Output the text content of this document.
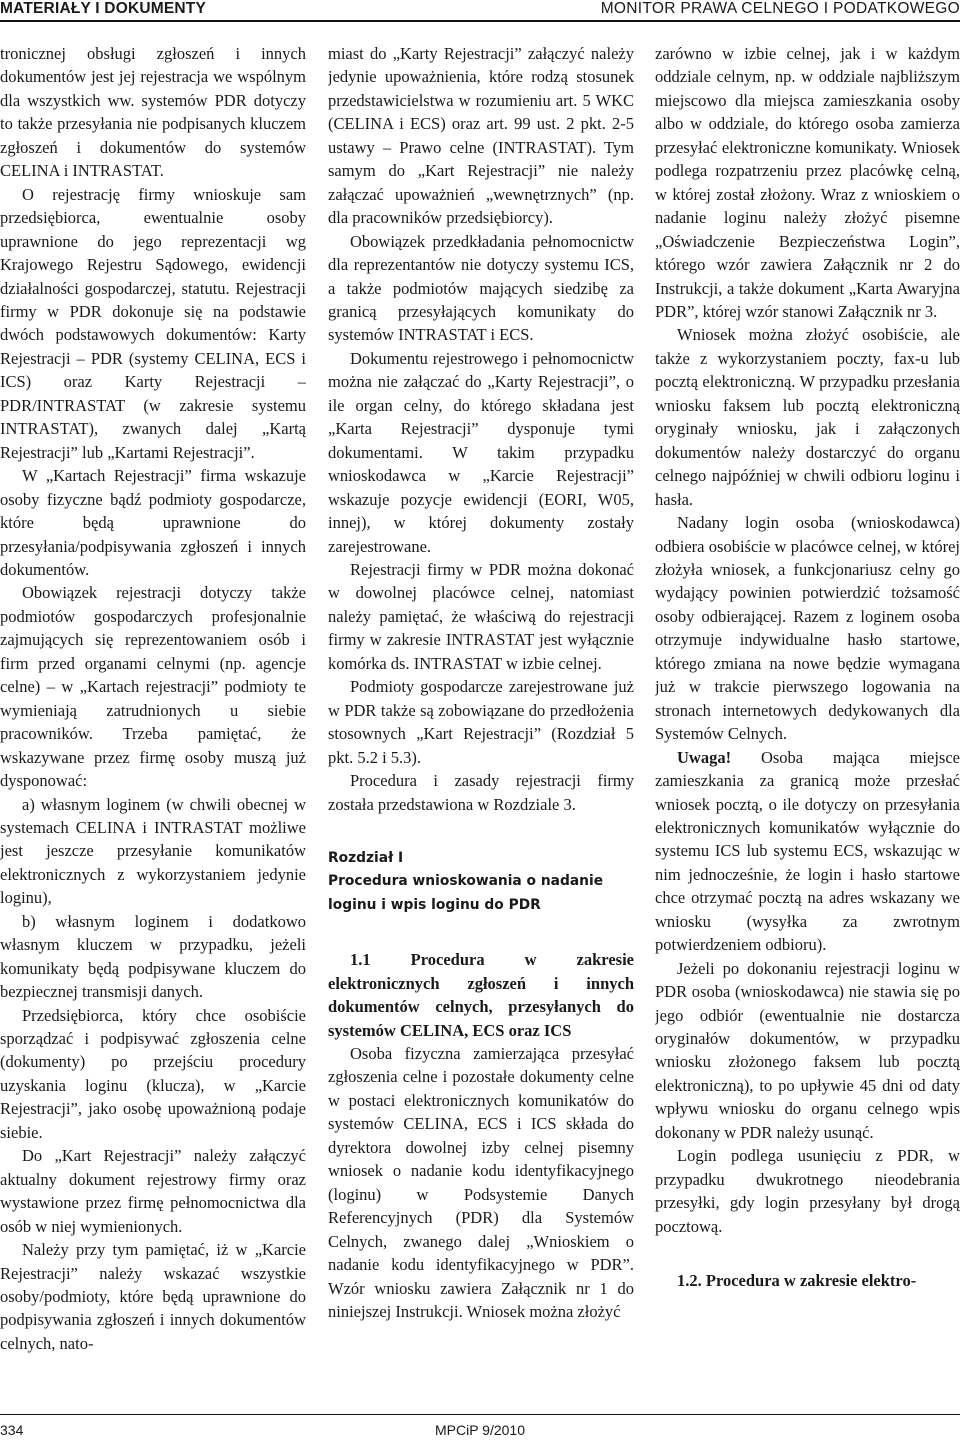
MATERIAŁY I DOKUMENTY	MONITOR PRAWA CELNEGO I PODATKOWEGO

tronicznej obsługi zgłoszeń i innych dokumentów jest jej rejestracja we wspólnym dla wszystkich ww. systemów PDR dotyczy to także przesyłania nie podpisanych kluczem zgłoszeń i dokumentów do systemów CELINA i INTRASTAT.

O rejestrację firmy wnioskuje sam przedsiębiorca, ewentualnie osoby uprawnione do jego reprezentacji wg Krajowego Rejestru Sądowego, ewidencji działalności gospodarczej, statutu. Rejestracji firmy w PDR dokonuje się na podstawie dwóch podstawowych dokumentów: Karty Rejestracji – PDR (systemy CELINA, ECS i ICS) oraz Karty Rejestracji – PDR/INTRASTAT (w zakresie systemu INTRASTAT), zwanych dalej „Kartą Rejestracji” lub „Kartami Rejestracji”.

W „Kartach Rejestracji” firma wskazuje osoby fizyczne bądź podmioty gospodarcze, które będą uprawnione do przesyłania/podpisywania zgłoszeń i innych dokumentów.

Obowiązek rejestracji dotyczy także podmiotów gospodarczych profesjonalnie zajmujących się reprezentowaniem osób i firm przed organami celnymi (np. agencje celne) – w „Kartach rejestracji” podmioty te wymieniają zatrudnionych u siebie pracowników. Trzeba pamiętać, że wskazywane przez firmę osoby muszą już dysponować:

a) własnym loginem (w chwili obecnej w systemach CELINA i INTRASTAT możliwe jest jeszcze przesyłanie komunikatów elektronicznych z wykorzystaniem jedynie loginu),

b) własnym loginem i dodatkowo własnym kluczem w przypadku, jeżeli komunikaty będą podpisywane kluczem do bezpiecznej transmisji danych.

Przedsiębiorca, który chce osobiście sporządzać i podpisywać zgłoszenia celne (dokumenty) po przejściu procedury uzyskania loginu (klucza), w „Karcie Rejestracji”, jako osobę upoważnioną podaje siebie.

Do „Kart Rejestracji” należy załączyć aktualny dokument rejestrowy firmy oraz wystawione przez firmę pełnomocnictwa dla osób w niej wymienionych.

Należy przy tym pamiętać, iż w „Karcie Rejestracji” należy wskazać wszystkie osoby/podmioty, które będą uprawnione do podpisywania zgłoszeń i innych dokumentów celnych, nato-

miast do „Karty Rejestracji” załączyć należy jedynie upoważnienia, które rodzą stosunek przedstawicielstwa w rozumieniu art. 5 WKC (CELINA i ECS) oraz art. 99 ust. 2 pkt. 2-5 ustawy – Prawo celne (INTRASTAT). Tym samym do „Kart Rejestracji” nie należy załączać upoważnień „wewnętrznych” (np. dla pracowników przedsiębiorcy).

Obowiązek przedkładania pełnomocnictw dla reprezentantów nie dotyczy systemu ICS, a także podmiotów mających siedzibę za granicą przesyłających komunikaty do systemów INTRASTAT i ECS.

Dokumentu rejestrowego i pełnomocnictw można nie załączać do „Karty Rejestracji”, o ile organ celny, do którego składana jest „Karta Rejestracji” dysponuje tymi dokumentami. W takim przypadku wnioskodawca w „Karcie Rejestracji” wskazuje pozycje ewidencji (EORI, W05, innej), w której dokumenty zostały zarejestrowane.

Rejestracji firmy w PDR można dokonać w dowolnej placówce celnej, natomiast należy pamiętać, że właściwą do rejestracji firmy w zakresie INTRASTAT jest wyłącznie komórka ds. INTRASTAT w izbie celnej.

Podmioty gospodarcze zarejestrowane już w PDR także są zobowiązane do przedłożenia stosownych „Kart Rejestracji” (Rozdział 5 pkt. 5.2 i 5.3).

Procedura i zasady rejestracji firmy została przedstawiona w Rozdziale 3.

Rozdział I
Procedura wnioskowania o nadanie loginu i wpis loginu do PDR

1.1 Procedura w zakresie elektronicznych zgłoszeń i innych dokumentów celnych, przesyłanych do systemów CELINA, ECS oraz ICS

Osoba fizyczna zamierzająca przesyłać zgłoszenia celne i pozostałe dokumenty celne w postaci elektronicznych komunikatów do systemów CELINA, ECS i ICS składa do dyrektora dowolnej izby celnej pisemny wniosek o nadanie kodu identyfikacyjnego (loginu) w Podsystemie Danych Referencyjnych (PDR) dla Systemów Celnych, zwanego dalej „Wnioskiem o nadanie kodu identyfikacyjnego w PDR”. Wzór wniosku zawiera Załącznik nr 1 do niniejszej Instrukcji. Wniosek można złożyć

zarówno w izbie celnej, jak i w każdym oddziale celnym, np. w oddziale najbliższym miejscowo dla miejsca zamieszkania osoby albo w oddziale, do którego osoba zamierza przesyłać elektroniczne komunikaty. Wniosek podlega rozpatrzeniu przez placówkę celną, w której został złożony. Wraz z wnioskiem o nadanie loginu należy złożyć pisemne „Oświadczenie Bezpieczeństwa Login”, którego wzór zawiera Załącznik nr 2 do Instrukcji, a także dokument „Karta Awaryjna PDR”, której wzór stanowi Załącznik nr 3.

Wniosek można złożyć osobiście, ale także z wykorzystaniem poczty, fax-u lub pocztą elektroniczną. W przypadku przesłania wniosku faksem lub pocztą elektroniczną oryginały wniosku, jak i załączonych dokumentów należy dostarczyć do organu celnego najpóźniej w chwili odbioru loginu i hasła.

Nadany login osoba (wnioskodawca) odbiera osobiście w placówce celnej, w której złożyła wniosek, a funkcjonariusz celny go wydający powinien potwierdzić tożsamość osoby odbierającej. Razem z loginem osoba otrzymuje indywidualne hasło startowe, którego zmiana na nowe będzie wymagana już w trakcie pierwszego logowania na stronach internetowych dedykowanych dla Systemów Celnych.

Uwaga! Osoba mająca miejsce zamieszkania za granicą może przesłać wniosek pocztą, o ile dotyczy on przesyłania elektronicznych komunikatów wyłącznie do systemu ICS lub systemu ECS, wskazując w nim jednocześnie, że login i hasło startowe chce otrzymać pocztą na adres wskazany we wniosku (wysyłka za zwrotnym potwierdzeniem odbioru).

Jeżeli po dokonaniu rejestracji loginu w PDR osoba (wnioskodawca) nie stawia się po jego odbiór (ewentualnie nie dostarcza oryginałów dokumentów, w przypadku wniosku złożonego faksem lub pocztą elektroniczną), to po upływie 45 dni od daty wpływu wniosku do organu celnego wpis dokonany w PDR należy usunąć.

Login podlega usunięciu z PDR, w przypadku dwukrotnego nieodebrania przesyłki, gdy login przesyłany był drogą pocztową.

1.2. Procedura w zakresie elektro-

334	MPCiP 9/2010
